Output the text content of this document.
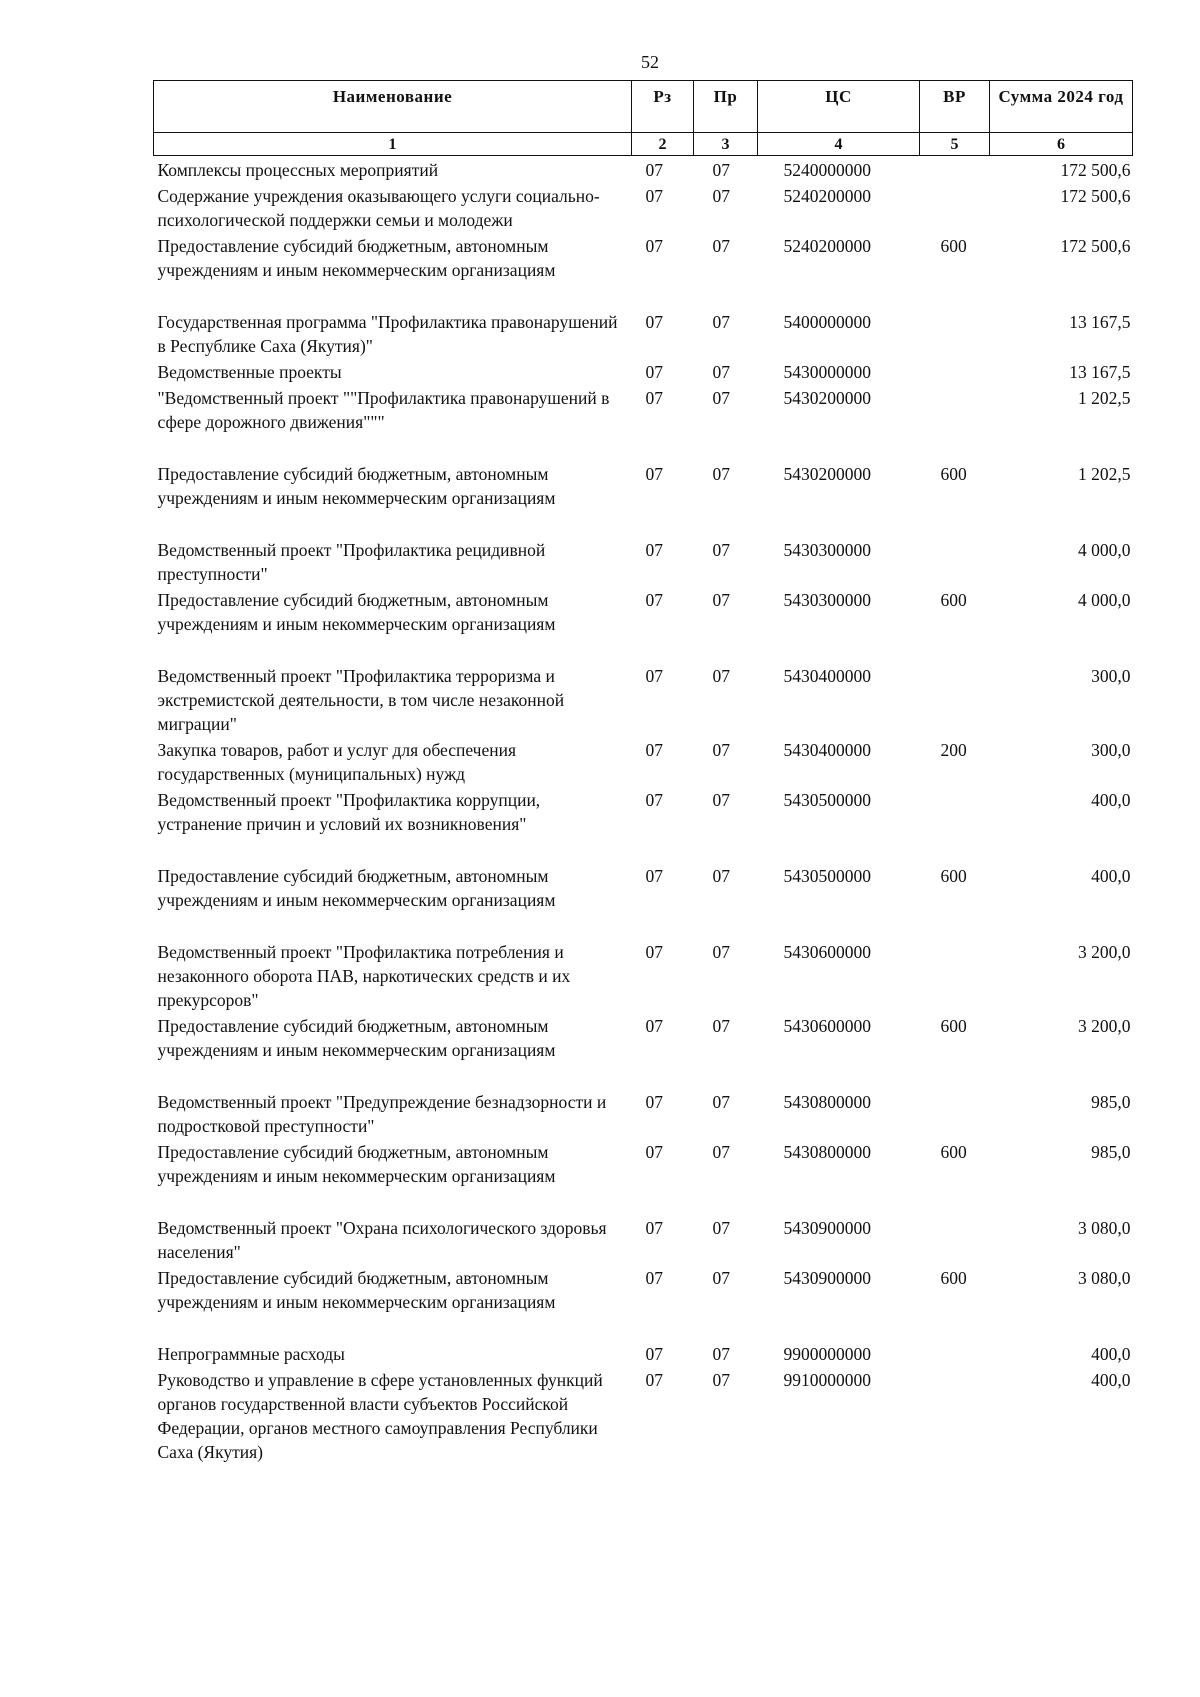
52
Наименование	Рз	Пр	ЦС	ВР	Сумма 2024 год
1	2	3	4	5	6
Комплексы процессных мероприятий	07	07	5240000000		172 500,6
Содержание учреждения оказывающего услуги социально-психологической поддержки семьи и молодежи	07	07	5240200000		172 500,6
Предоставление субсидий бюджетным, автономным учреждениям и иным некоммерческим организациям	07	07	5240200000	600	172 500,6
Государственная программа "Профилактика правонарушений в Республике Саха (Якутия)"	07	07	5400000000		13 167,5
Ведомственные проекты	07	07	5430000000		13 167,5
"Ведомственный проект ""Профилактика правонарушений в сфере дорожного движения"""	07	07	5430200000		1 202,5
Предоставление субсидий бюджетным, автономным учреждениям и иным некоммерческим организациям	07	07	5430200000	600	1 202,5
Ведомственный проект "Профилактика рецидивной преступности"	07	07	5430300000		4 000,0
Предоставление субсидий бюджетным, автономным учреждениям и иным некоммерческим организациям	07	07	5430300000	600	4 000,0
Ведомственный проект "Профилактика терроризма и экстремистской деятельности, в том числе незаконной миграции"	07	07	5430400000		300,0
Закупка товаров, работ и услуг для обеспечения государственных (муниципальных) нужд	07	07	5430400000	200	300,0
Ведомственный проект "Профилактика коррупции, устранение причин и условий их возникновения"	07	07	5430500000		400,0
Предоставление субсидий бюджетным, автономным учреждениям и иным некоммерческим организациям	07	07	5430500000	600	400,0
Ведомственный проект "Профилактика потребления и незаконного оборота ПАВ, наркотических средств и их прекурсоров"	07	07	5430600000		3 200,0
Предоставление субсидий бюджетным, автономным учреждениям и иным некоммерческим организациям	07	07	5430600000	600	3 200,0
Ведомственный проект "Предупреждение безнадзорности и подростковой преступности"	07	07	5430800000		985,0
Предоставление субсидий бюджетным, автономным учреждениям и иным некоммерческим организациям	07	07	5430800000	600	985,0
Ведомственный проект "Охрана психологического здоровья населения"	07	07	5430900000		3 080,0
Предоставление субсидий бюджетным, автономным учреждениям и иным некоммерческим организациям	07	07	5430900000	600	3 080,0
Непрограммные расходы	07	07	9900000000		400,0
Руководство и управление в сфере установленных функций органов государственной власти субъектов Российской Федерации, органов местного самоуправления Республики Саха (Якутия)	07	07	9910000000		400,0
